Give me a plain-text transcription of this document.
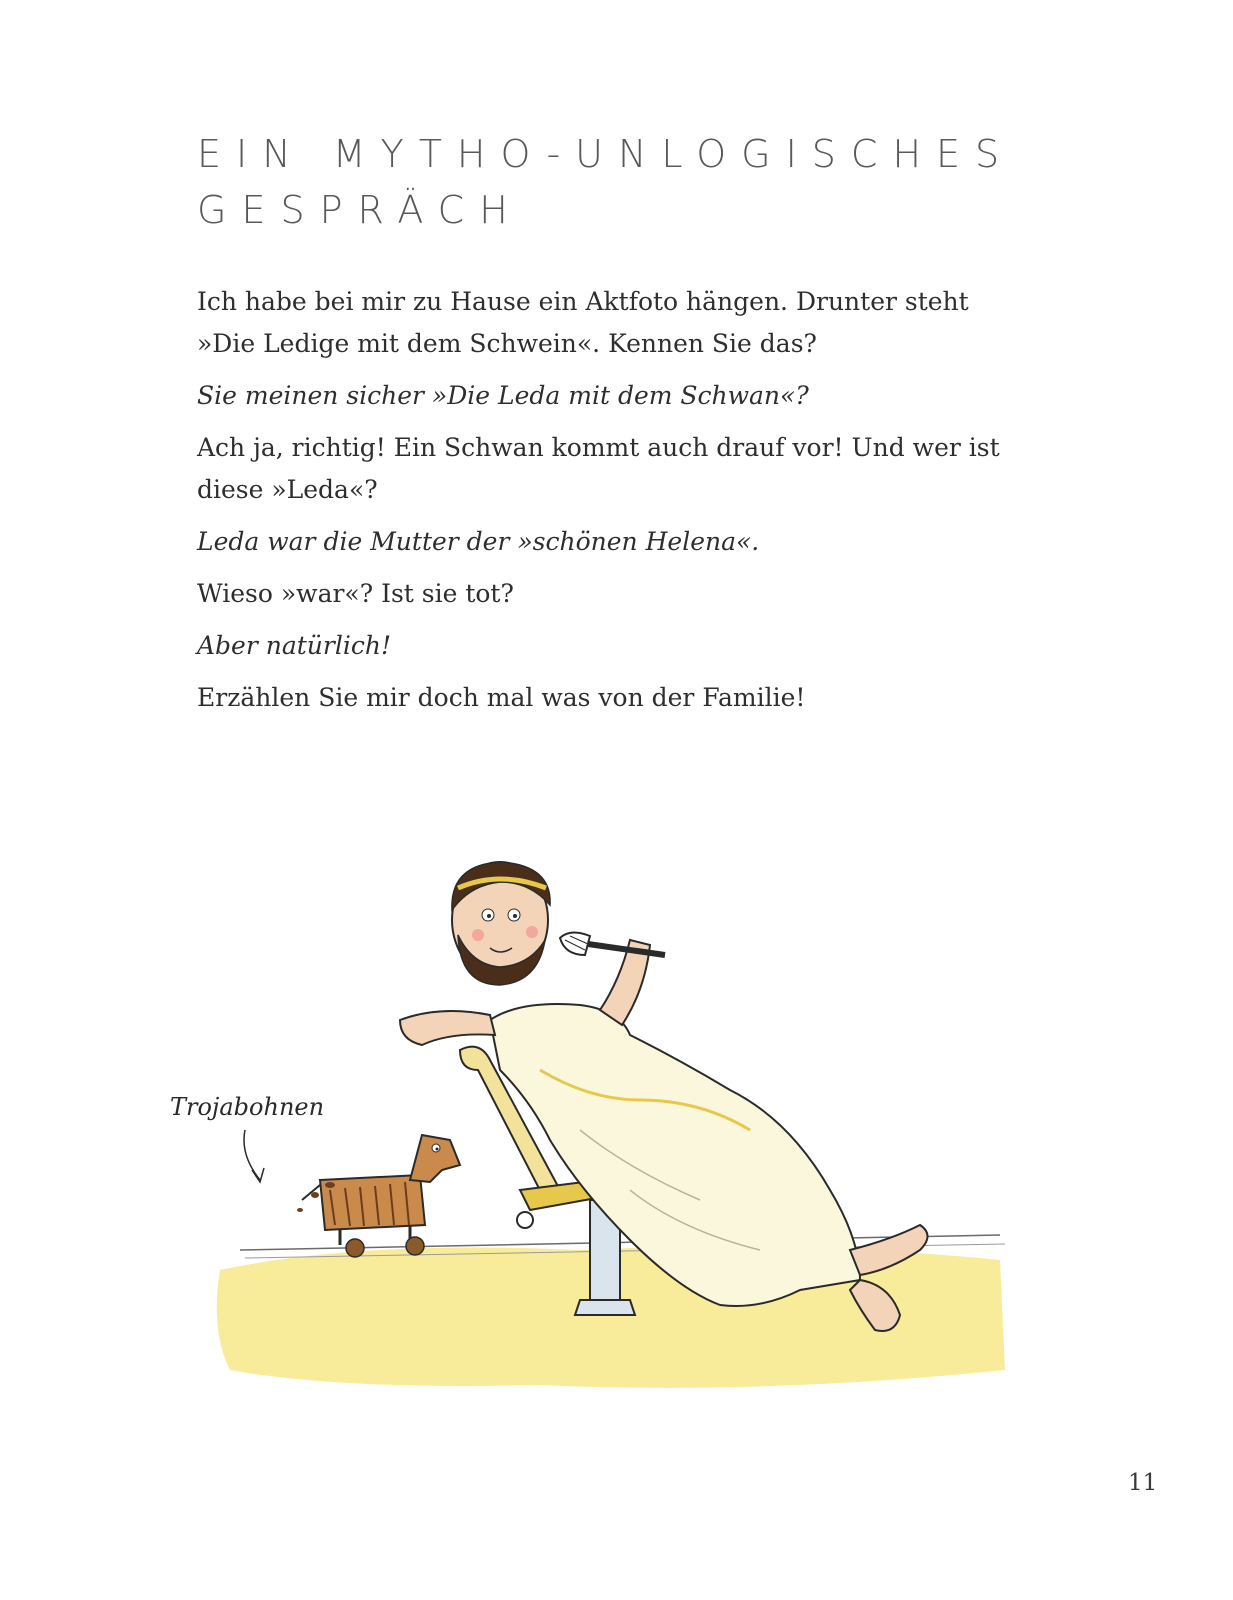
EIN MYTHO-UNLOGISCHES
GESPRÄCH

Ich habe bei mir zu Hause ein Aktfoto hängen. Drunter steht »Die Ledige mit dem Schwein«. Kennen Sie das?

Sie meinen sicher »Die Leda mit dem Schwan«?

Ach ja, richtig! Ein Schwan kommt auch drauf vor! Und wer ist diese »Leda«?

Leda war die Mutter der »schönen Helena«.

Wieso »war«? Ist sie tot?

Aber natürlich!

Erzählen Sie mir doch mal was von der Familie!

Trojabohnen
11
